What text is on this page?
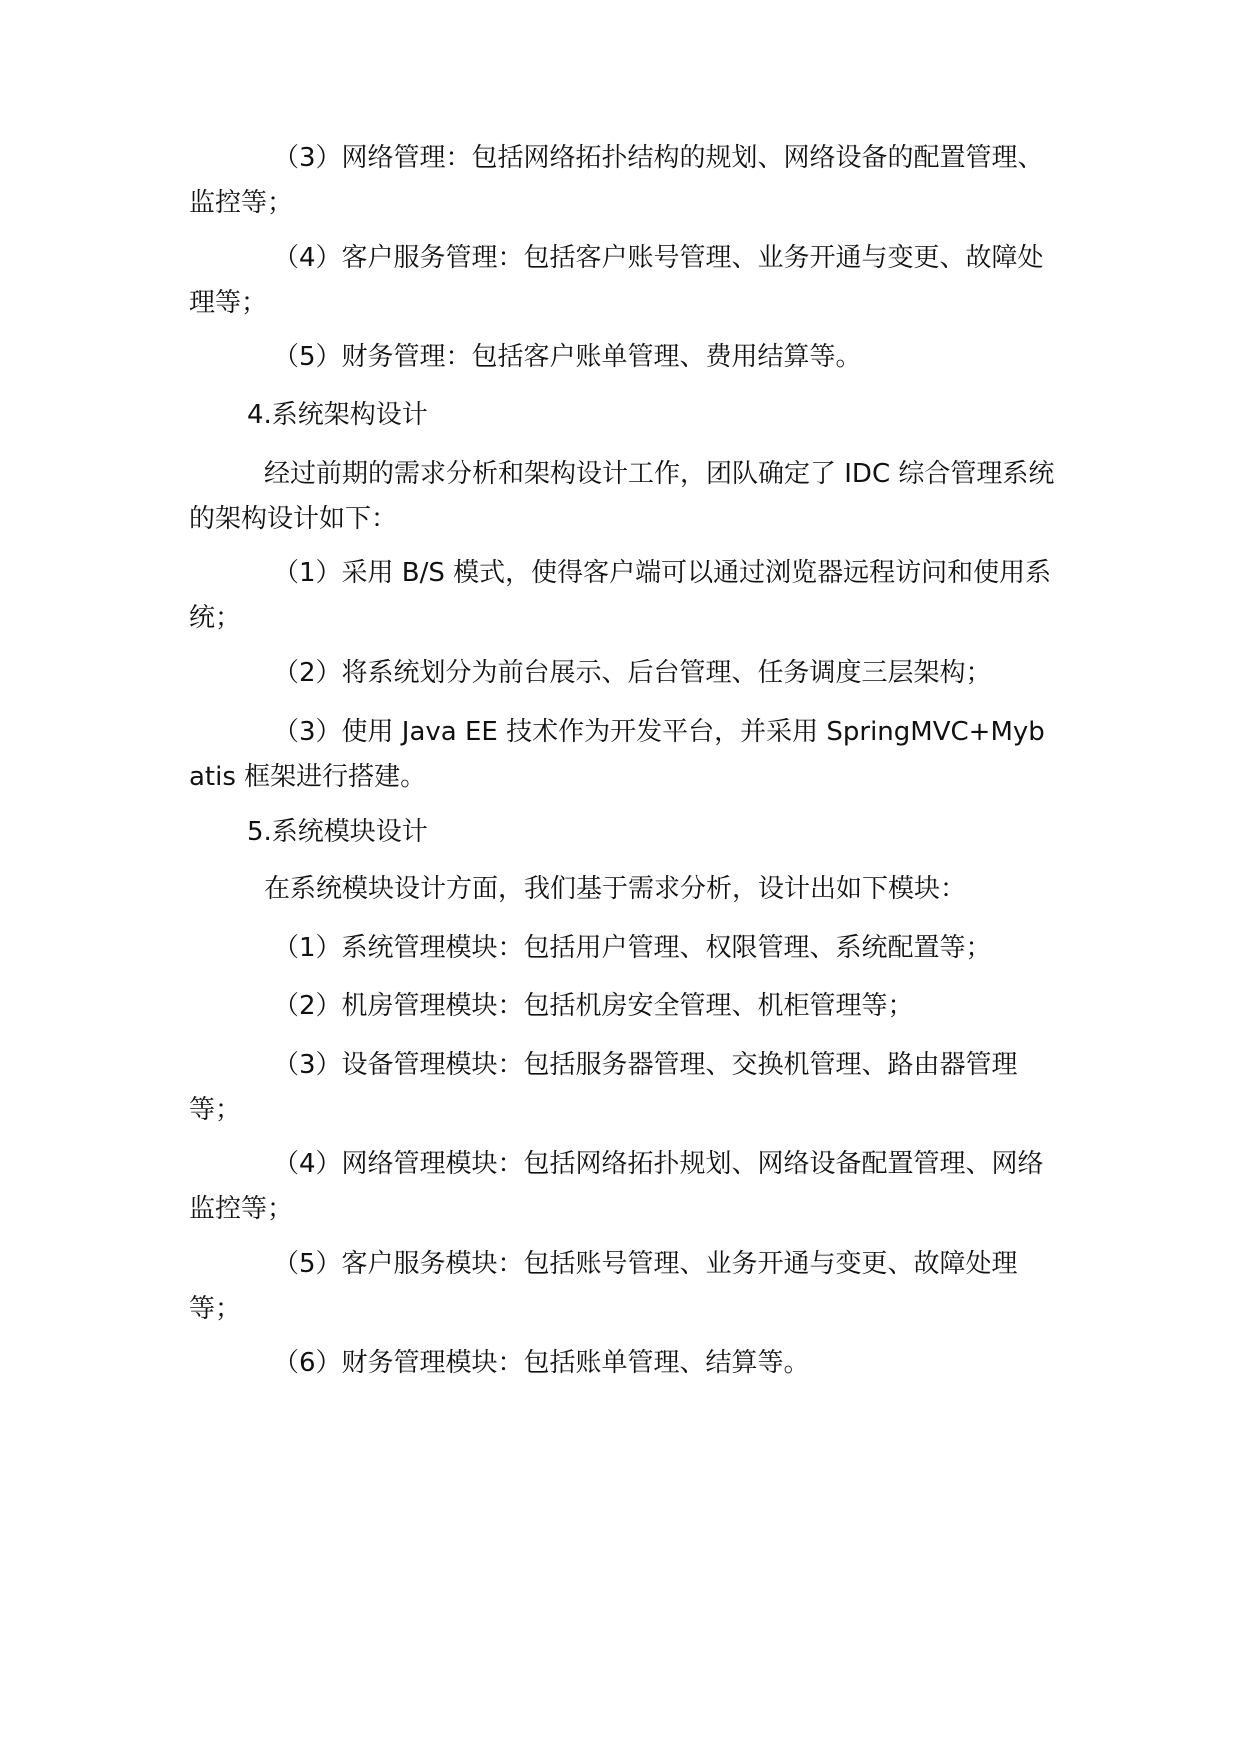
（3）网络管理：包括网络拓扑结构的规划、网络设备的配置管理、监控等；

（4）客户服务管理：包括客户账号管理、业务开通与变更、故障处理等；

（5）财务管理：包括客户账单管理、费用结算等。

4.系统架构设计

经过前期的需求分析和架构设计工作，团队确定了 IDC 综合管理系统的架构设计如下：

（1）采用 B/S 模式，使得客户端可以通过浏览器远程访问和使用系统；

（2）将系统划分为前台展示、后台管理、任务调度三层架构；

（3）使用 Java EE 技术作为开发平台，并采用 SpringMVC+Mybatis 框架进行搭建。

5.系统模块设计

在系统模块设计方面，我们基于需求分析，设计出如下模块：

（1）系统管理模块：包括用户管理、权限管理、系统配置等；

（2）机房管理模块：包括机房安全管理、机柜管理等；

（3）设备管理模块：包括服务器管理、交换机管理、路由器管理等；

（4）网络管理模块：包括网络拓扑规划、网络设备配置管理、网络监控等；

（5）客户服务模块：包括账号管理、业务开通与变更、故障处理等；

（6）财务管理模块：包括账单管理、结算等。
